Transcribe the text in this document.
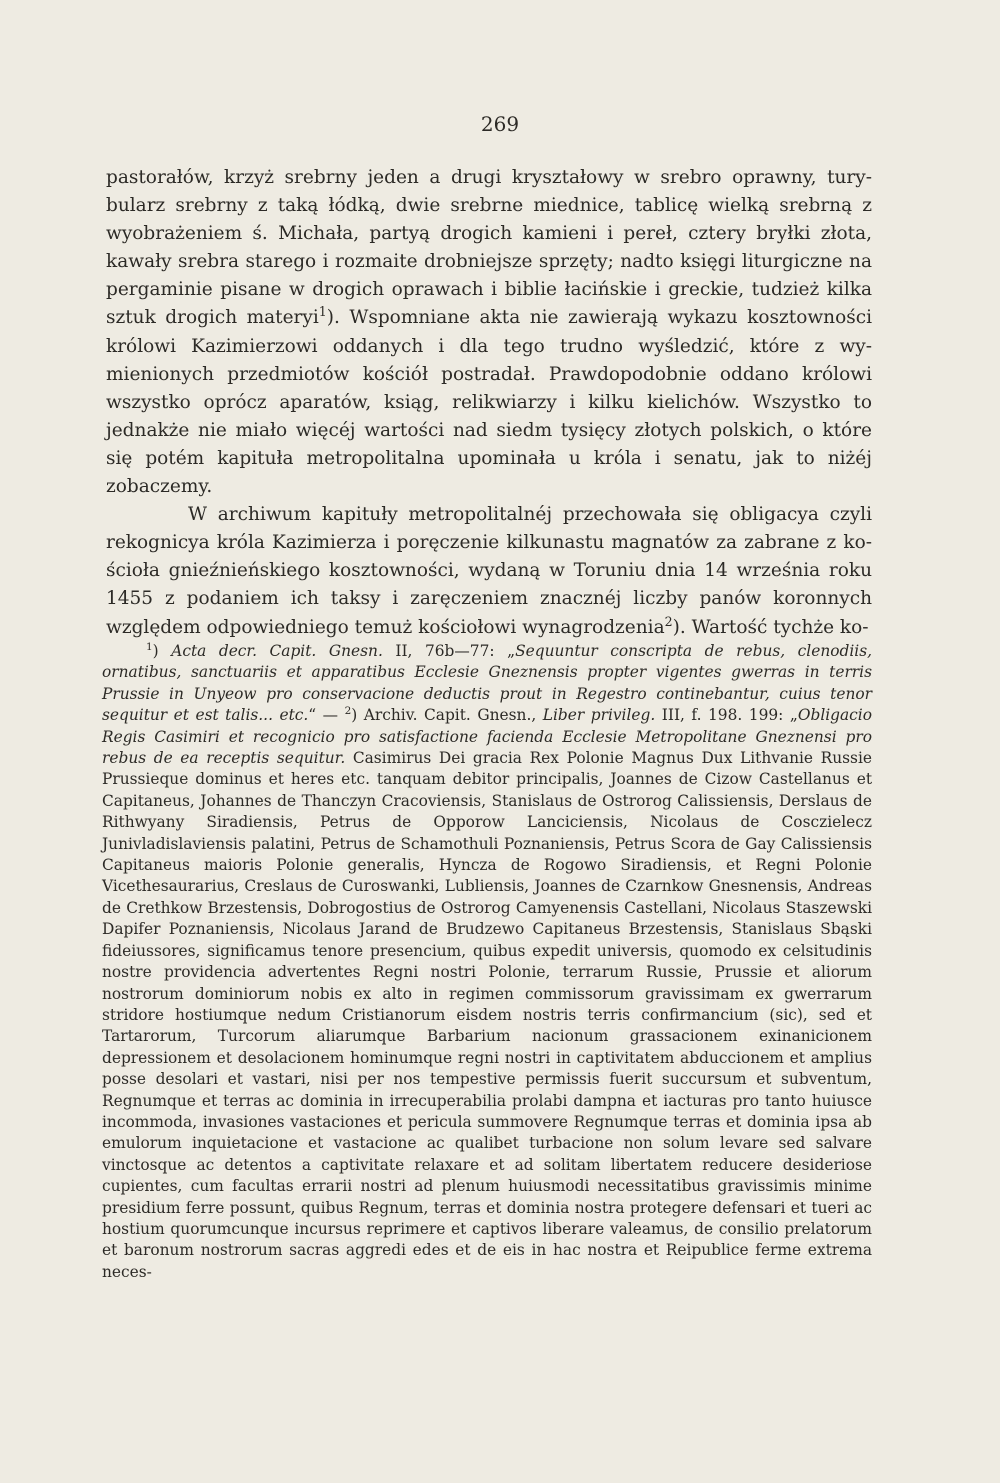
269

pastorałów, krzyż srebrny jeden a drugi kryształowy w srebro oprawny, turybularz srebrny z taką łódką, dwie srebrne miednice, tablicę wielką srebrną z wyobrażeniem ś. Michała, partyą drogich kamieni i pereł, cztery bryłki złota, kawały srebra starego i rozmaite drobniejsze sprzęty; nadto księgi liturgiczne na pergaminie pisane w drogich oprawach i biblie łacińskie i greckie, tudzież kilka sztuk drogich materyi$^1$). Wspomniane akta nie zawierają wykazu kosztowności królowi Kazimierzowi oddanych i dla tego trudno wyśledzić, które z wymienionych przedmiotów kościół postradał. Prawdopodobnie oddano królowi wszystko oprócz aparatów, ksiąg, relikwiarzy i kilku kielichów. Wszystko to jednakże nie miało więcéj wartości nad siedm tysięcy złotych polskich, o które się potém kapituła metropolitalna upominała u króla i senatu, jak to niżéj zobaczemy.

W archiwum kapituły metropolitalnéj przechowała się obligacya czyli rekognicya króla Kazimierza i poręczenie kilkunastu magnatów za zabrane z kościoła gnieźnieńskiego kosztowności, wydaną w Toruniu dnia 14 września roku 1455 z podaniem ich taksy i zaręczeniem znacznéj liczby panów koronnych względem odpowiedniego temuż kościołowi wynagrodzenia$^2$). Wartość tychże ko-

$^1$) Acta decr. Capit. Gnesn. II, 76b—77: „Sequuntur conscripta de rebus, clenodiis, ornatibus, sanctuariis et apparatibus Ecclesie Gneznensis propter vigentes gwerras in terris Prussie in Unyeow pro conservacione deductis prout in Regestro continebantur, cuius tenor sequitur et est talis... etc.“ — $^2$) Archiv. Capit. Gnesn., Liber privileg. III, f. 198. 199: „Obligacio Regis Casimiri et recognicio pro satisfactione facienda Ecclesie Metropolitane Gneznensi pro rebus de ea receptis sequitur. Casimirus Dei gracia Rex Polonie Magnus Dux Lithvanie Russie Prussieque dominus et heres etc. tanquam debitor principalis, Joannes de Cizow Castellanus et Capitaneus, Johannes de Thanczyn Cracoviensis, Stanislaus de Ostrorog Calissiensis, Derslaus de Rithwyany Siradiensis, Petrus de Opporow Lanciciensis, Nicolaus de Cosczielecz Junivladislaviensis palatini, Petrus de Schamothuli Poznaniensis, Petrus Scora de Gay Calissiensis Capitaneus maioris Polonie generalis, Hyncza de Rogowo Siradiensis, et Regni Polonie Vicethesaurarius, Creslaus de Curoswanki, Lubliensis, Joannes de Czarnkow Gnesnensis, Andreas de Crethkow Brzestensis, Dobrogostius de Ostrorog Camyenensis Castellani, Nicolaus Staszewski Dapifer Poznaniensis, Nicolaus Jarand de Brudzewo Capitaneus Brzestensis, Stanislaus Sbąski fideiussores, significamus tenore presencium, quibus expedit universis, quomodo ex celsitudinis nostre providencia advertentes Regni nostri Polonie, terrarum Russie, Prussie et aliorum nostrorum dominiorum nobis ex alto in regimen commissorum gravissimam ex gwerrarum stridore hostiumque nedum Cristianorum eisdem nostris terris confirmancium (sic), sed et Tartarorum, Turcorum aliarumque Barbarium nacionum grassacionem exinanicionem depressionem et desolacionem hominumque regni nostri in captivitatem abduccionem et amplius posse desolari et vastari, nisi per nos tempestive permissis fuerit succursum et subventum, Regnumque et terras ac dominia in irrecuperabilia prolabi dampna et iacturas pro tanto huiusce incommoda, invasiones vastaciones et pericula summovere Regnumque terras et dominia ipsa ab emulorum inquietacione et vastacione ac qualibet turbacione non solum levare sed salvare vinctosque ac detentos a captivitate relaxare et ad solitam libertatem reducere desideriose cupientes, cum facultas errarii nostri ad plenum huiusmodi necessitatibus gravissimis minime presidium ferre possunt, quibus Regnum, terras et dominia nostra protegere defensari et tueri ac hostium quorumcunque incursus reprimere et captivos liberare valeamus, de consilio prelatorum et baronum nostrorum sacras aggredi edes et de eis in hac nostra et Reipublice ferme extrema neces-
